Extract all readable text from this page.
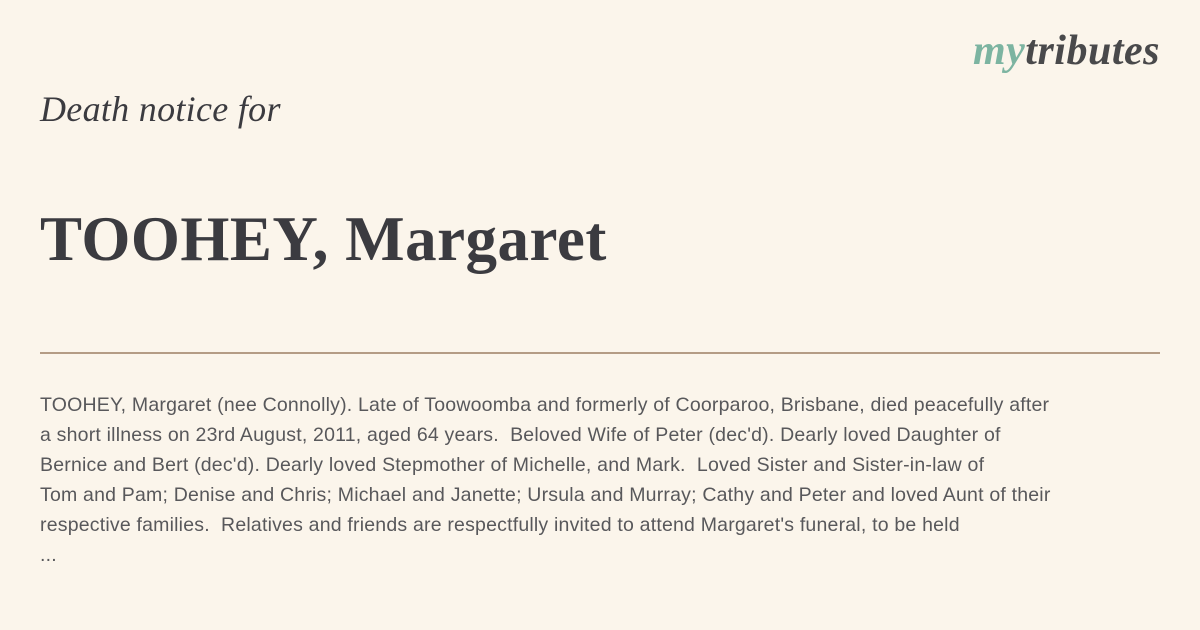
mytributes
Death notice for
TOOHEY, Margaret
TOOHEY, Margaret (nee Connolly). Late of Toowoomba and formerly of Coorparoo, Brisbane, died peacefully after
a short illness on 23rd August, 2011, aged 64 years.  Beloved Wife of Peter (dec'd). Dearly loved Daughter of
Bernice and Bert (dec'd). Dearly loved Stepmother of Michelle, and Mark.  Loved Sister and Sister-in-law of
Tom and Pam; Denise and Chris; Michael and Janette; Ursula and Murray; Cathy and Peter and loved Aunt of their
respective families.  Relatives and friends are respectfully invited to attend Margaret's funeral, to be held
...
